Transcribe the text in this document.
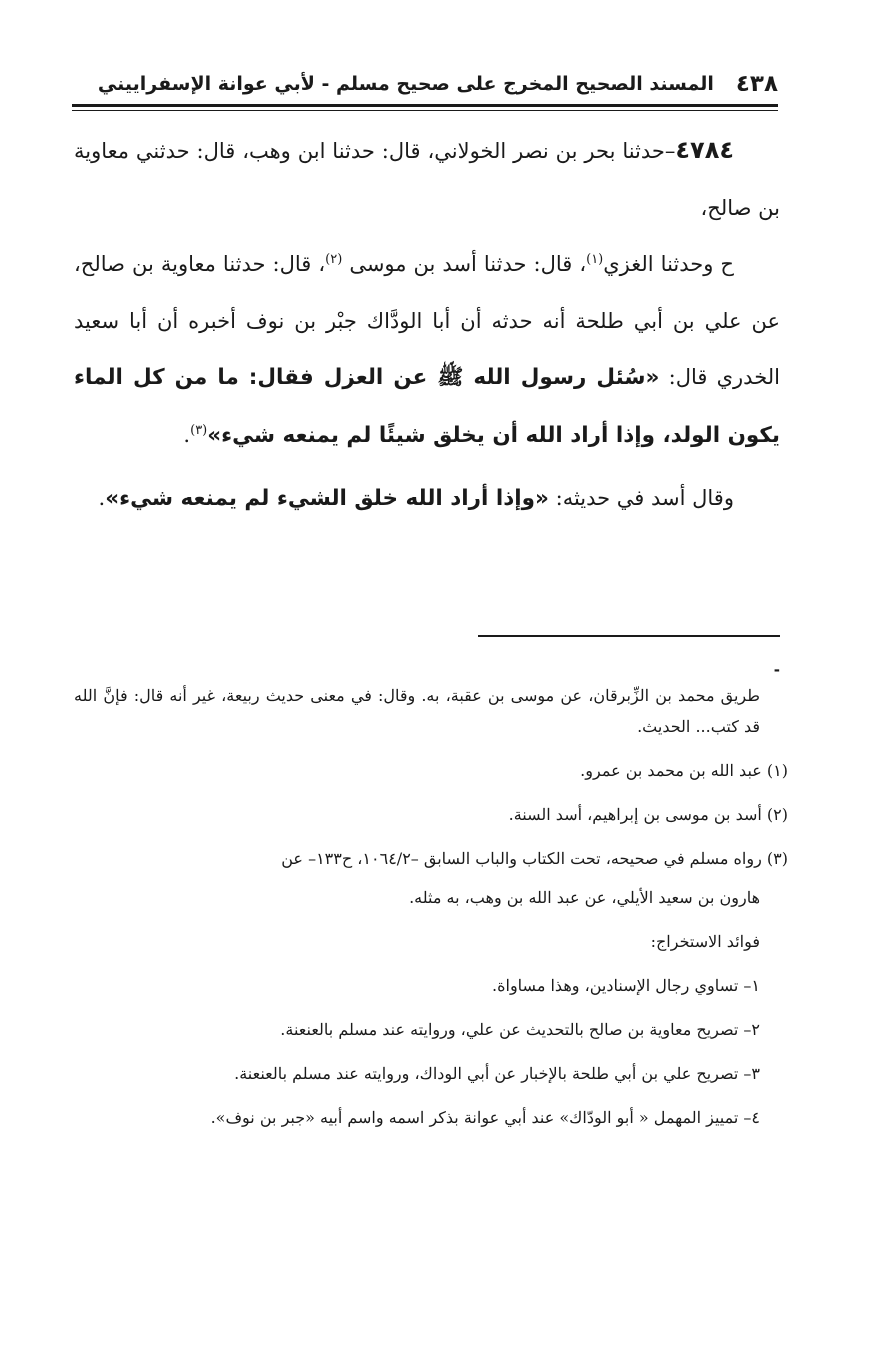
٤٣٨
المسند الصحيح المخرج على صحيح مسلم - لأبي عوانة الإسفراييني

٤٧٨٤–حدثنا بحر بن نصر الخولاني، قال: حدثنا ابن وهب، قال: حدثني معاوية بن صالح،

ح وحدثنا الغزي$^{(١)}$، قال: حدثنا أسد بن موسى $^{(٢)}$، قال: حدثنا معاوية بن صالح، عن علي بن أبي طلحة أنه حدثه أن أبا الودَّاك جبْر بن نوف أخبره أن أبا سعيد الخدري قال: «سُئل رسول الله ﷺ عن العزل فقال: ما من كل الماء يكون الولد، وإذا أراد الله أن يخلق شيئًا لم يمنعه شيء»$^{(٣)}$.

وقال أسد في حديثه: «وإذا أراد الله خلق الشيء لم يمنعه شيء».

-

طريق محمد بن الزِّبرقان، عن موسى بن عقبة، به. وقال: في معنى حديث ربيعة، غير أنه قال: فإنَّ الله قد كتب... الحديث.

(١) عبد الله بن محمد بن عمرو.

(٢) أسد بن موسى بن إبراهيم، أسد السنة.

(٣) رواه مسلم في صحيحه، تحت الكتاب والباب السابق –١٠٦٤/٢، ح١٣٣– عن

هارون بن سعيد الأيلي، عن عبد الله بن وهب، به مثله.

فوائد الاستخراج:

١– تساوي رجال الإسنادين، وهذا مساواة.

٢– تصريح معاوية بن صالح بالتحديث عن علي، وروايته عند مسلم بالعنعنة.

٣– تصريح علي بن أبي طلحة بالإخبار عن أبي الوداك، وروايته عند مسلم بالعنعنة.

٤– تمييز المهمل « أبو الودّاك» عند أبي عوانة بذكر اسمه واسم أبيه «جبر بن نوف».
